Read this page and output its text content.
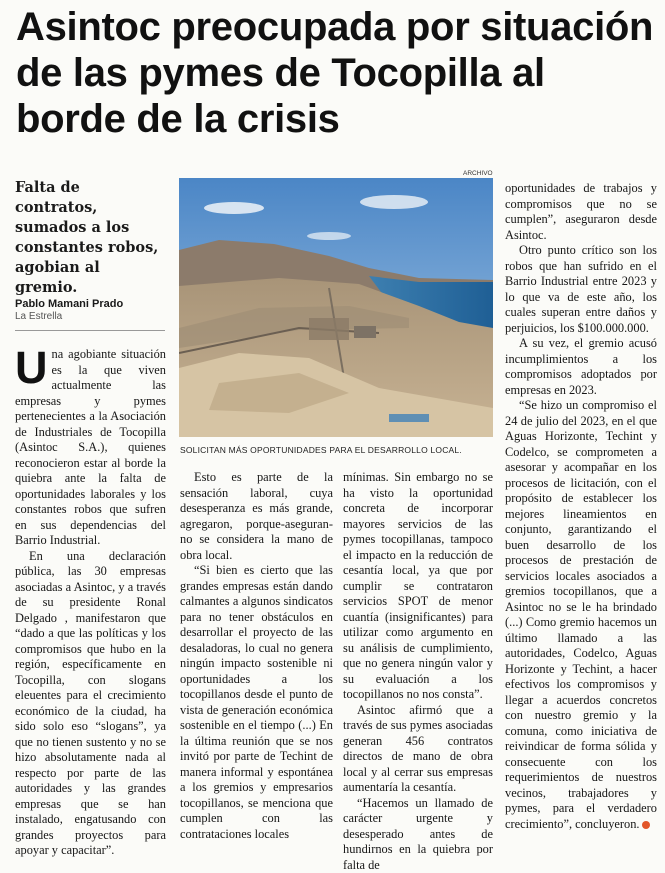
Asintoc preocupada por situación de las pymes de Tocopilla al borde de la crisis

Falta de contratos, sumados a los constantes robos, agobian al gremio.

Pablo Mamani Prado
La Estrella
ARCHIVO
SOLICITAN MÁS OPORTUNIDADES PARA EL DESARROLLO LOCAL.

Una agobiante situación es la que viven actualmente las empresas y pymes pertenecientes a la Asociación de Industriales de Tocopilla (Asintoc S.A.), quienes reconocieron estar al borde la quiebra ante la falta de oportunidades laborales y los constantes robos que sufren en sus dependencias del Barrio Industrial.

En una declaración pública, las 30 empresas asociadas a Asintoc, y a través de su presidente Ronal Delgado , manifestaron que “dado a que las políticas y los compromisos que hubo en la región, específicamente en Tocopilla, con slogans eleuentes para el crecimiento económico de la ciudad, ha sido solo eso “slogans”, ya que no tienen sustento y no se hizo absolutamente nada al respecto por parte de las autoridades y las grandes empresas que se han instalado, engatusando con grandes proyectos para apoyar y capacitar”.

Esto es parte de la sensación laboral, cuya desesperanza es más grande, agregaron, porque-aseguran- no se considera la mano de obra local.

“Si bien es cierto que las grandes empresas están dando calmantes a algunos sindicatos para no tener obstáculos en desarrollar el proyecto de las desaladoras, lo cual no genera ningún impacto sostenible ni oportunidades a los tocopillanos desde el punto de vista de generación económica sostenible en el tiempo (...) En la última reunión que se nos invitó por parte de Techint de manera informal y espontánea a los gremios y empresarios tocopillanos, se menciona que cumplen con las contrataciones locales

mínimas. Sin embargo no se ha visto la oportunidad concreta de incorporar mayores servicios de las pymes tocopillanas, tampoco el impacto en la reducción de cesantía local, ya que por cumplir se contrataron servicios SPOT de menor cuantía (insignificantes) para utilizar como argumento en su análisis de cumplimiento, que no genera ningún valor y su evaluación a los tocopillanos no nos consta”.

Asintoc afirmó que a través de sus pymes asociadas generan 456 contratos directos de mano de obra local y al cerrar sus empresas aumentaría la cesantía.

“Hacemos un llamado de carácter urgente y desesperado antes de hundirnos en la quiebra por falta de

oportunidades de trabajos y compromisos que no se cumplen”, aseguraron desde Asintoc.

Otro punto crítico son los robos que han sufrido en el Barrio Industrial entre 2023 y lo que va de este año, los cuales superan entre daños y perjuicios, los $100.000.000.

A su vez, el gremio acusó incumplimientos a los compromisos adoptados por empresas en 2023.

“Se hizo un compromiso el 24 de julio del 2023, en el que Aguas Horizonte, Techint y Codelco, se comprometen a asesorar y acompañar en los procesos de licitación, con el propósito de establecer los mejores lineamientos en conjunto, garantizando el buen desarrollo de los procesos de prestación de servicios locales asociados a gremios tocopillanos, que a Asintoc no se le ha brindado (...) Como gremio hacemos un último llamado a las autoridades, Codelco, Aguas Horizonte y Techint, a hacer efectivos los compromisos y llegar a acuerdos concretos con nuestro gremio y la comuna, como iniciativa de reivindicar de forma sólida y consecuente con los requerimientos de nuestros vecinos, trabajadores y pymes, para el verdadero crecimiento”, concluyeron.
